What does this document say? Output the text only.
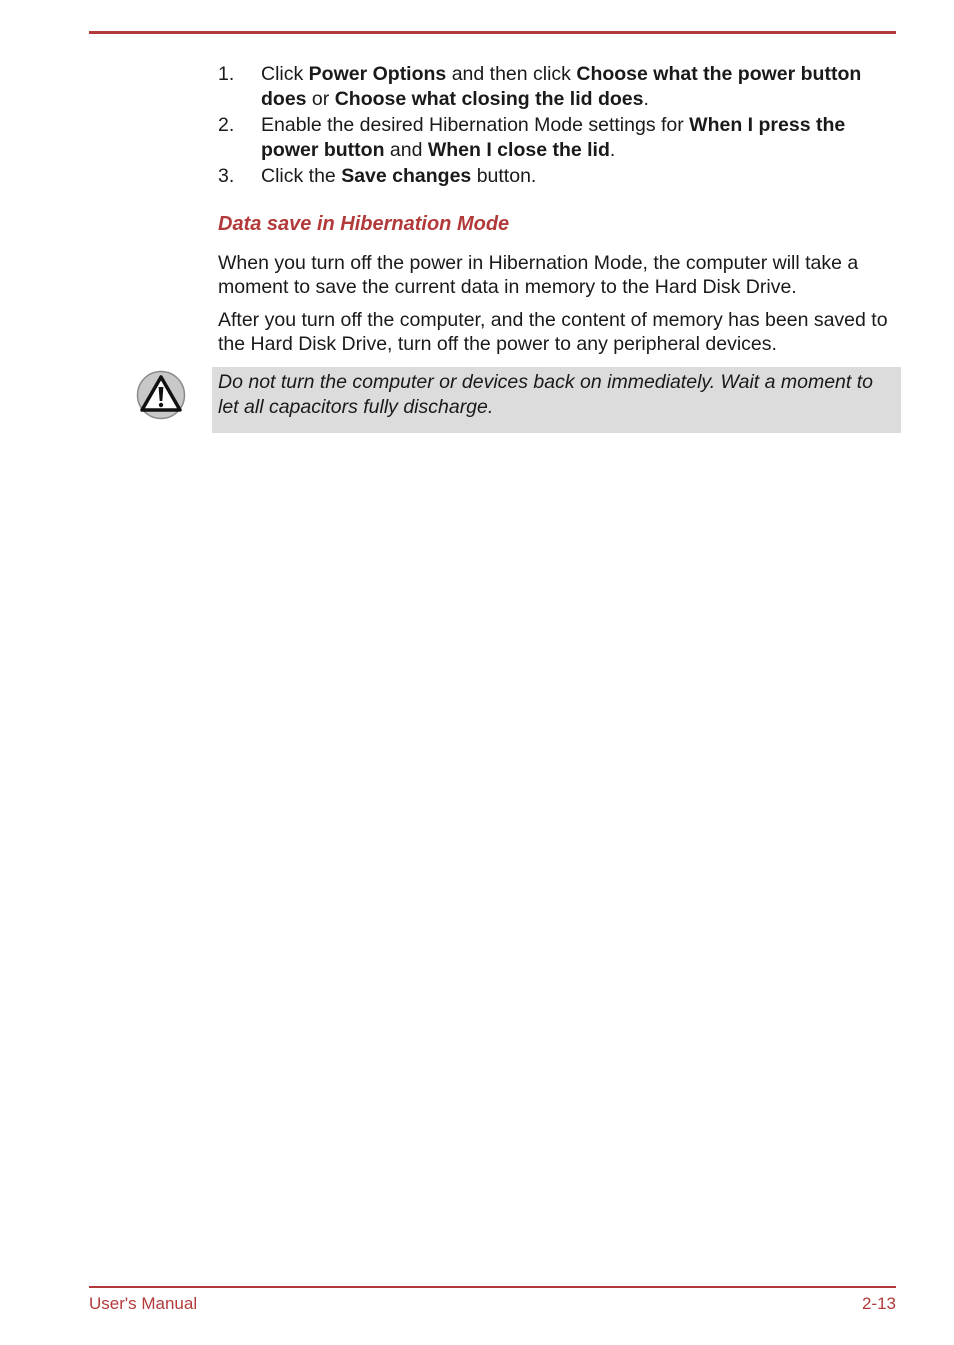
1. Click Power Options and then click Choose what the power button does or Choose what closing the lid does.
2. Enable the desired Hibernation Mode settings for When I press the power button and When I close the lid.
3. Click the Save changes button.
Data save in Hibernation Mode

When you turn off the power in Hibernation Mode, the computer will take a moment to save the current data in memory to the Hard Disk Drive.

After you turn off the computer, and the content of memory has been saved to the Hard Disk Drive, turn off the power to any peripheral devices.

Do not turn the computer or devices back on immediately. Wait a moment to let all capacitors fully discharge.
User's Manual	2-13
